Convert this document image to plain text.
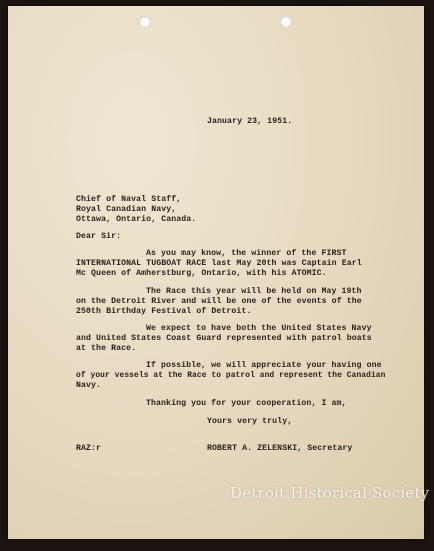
January 23, 1951.
Chief of Naval Staff,
Royal Canadian Navy,
Ottawa, Ontario, Canada.
Dear Sir:
As you may know, the winner of the FIRST
INTERNATIONAL TUGBOAT RACE last May 20th was Captain Earl
Mc Queen of Amherstburg, Ontario, with his ATOMIC.
The Race this year will be held on May 19th
on the Detroit River and will be one of the events of the
250th Birthday Festival of Detroit.
We expect to have both the United States Navy
and United States Coast Guard represented with patrol boats
at the Race.
If possible, we will appreciate your having one
of your vessels at the Race to patrol and represent the Canadian
Navy.
Thanking you for your cooperation, I am,
Yours very truly,
RAZ:r	ROBERT A. ZELENSKI, Secretary
Detroit Historical Society
